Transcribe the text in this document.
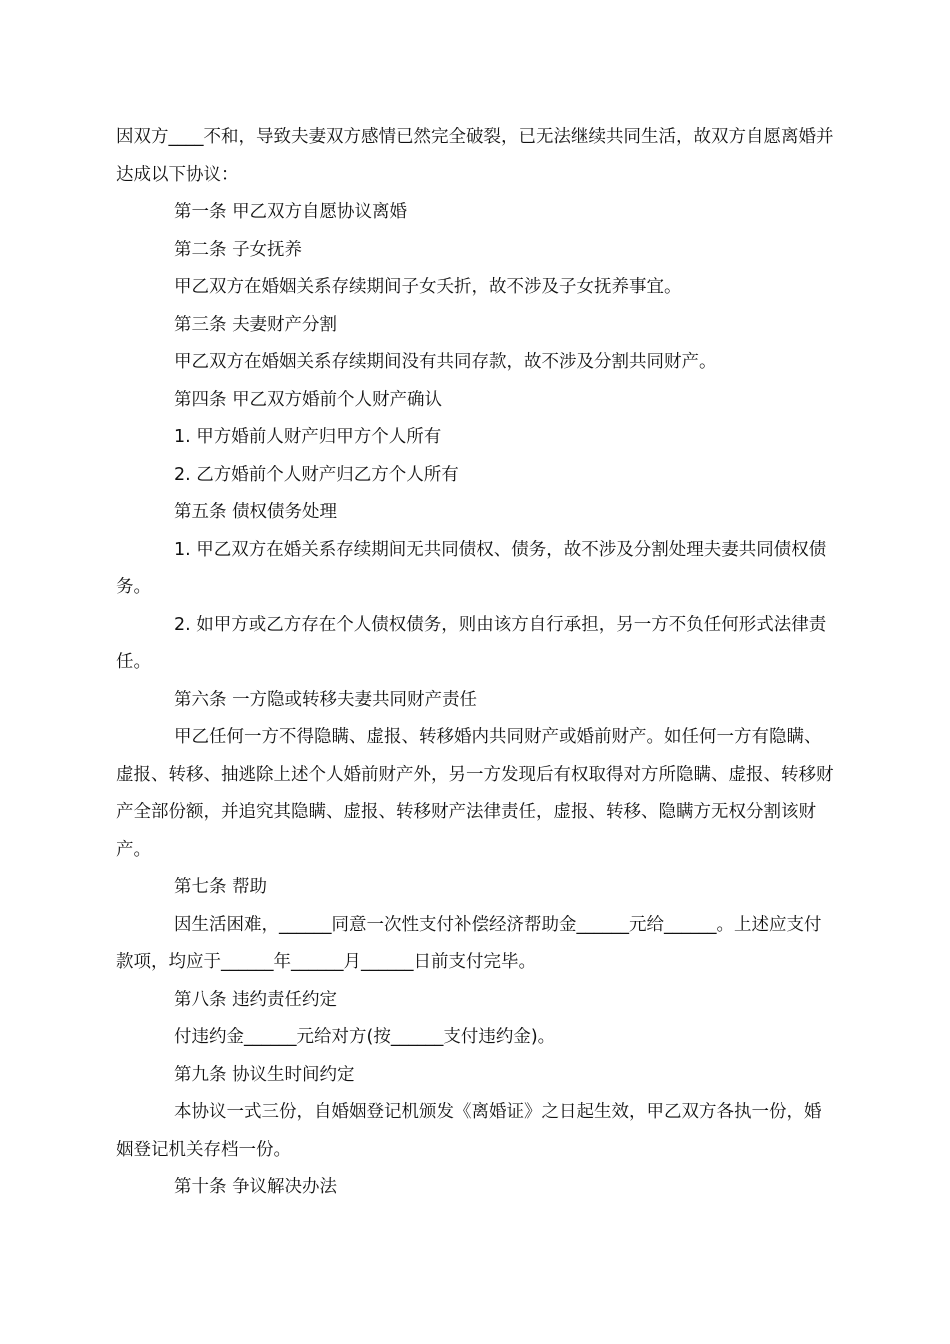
因双方____不和，导致夫妻双方感情已然完全破裂，已无法继续共同生活，故双方自愿离婚并达成以下协议：

第一条 甲乙双方自愿协议离婚

第二条 子女抚养

甲乙双方在婚姻关系存续期间子女夭折，故不涉及子女抚养事宜。

第三条 夫妻财产分割

甲乙双方在婚姻关系存续期间没有共同存款，故不涉及分割共同财产。

第四条 甲乙双方婚前个人财产确认

1. 甲方婚前人财产归甲方个人所有

2. 乙方婚前个人财产归乙方个人所有

第五条 债权债务处理

1. 甲乙双方在婚关系存续期间无共同债权、债务，故不涉及分割处理夫妻共同债权债务。

2. 如甲方或乙方存在个人债权债务，则由该方自行承担，另一方不负任何形式法律责任。

第六条 一方隐或转移夫妻共同财产责任

甲乙任何一方不得隐瞒、虚报、转移婚内共同财产或婚前财产。如任何一方有隐瞒、虚报、转移、抽逃除上述个人婚前财产外，另一方发现后有权取得对方所隐瞒、虚报、转移财产全部份额，并追究其隐瞒、虚报、转移财产法律责任，虚报、转移、隐瞒方无权分割该财产。

第七条 帮助

因生活困难，______同意一次性支付补偿经济帮助金______元给______。上述应支付款项，均应于______年______月______日前支付完毕。

第八条 违约责任约定

付违约金______元给对方(按______支付违约金)。

第九条 协议生时间约定

本协议一式三份，自婚姻登记机颁发《离婚证》之日起生效，甲乙双方各执一份，婚姻登记机关存档一份。

第十条 争议解决办法
